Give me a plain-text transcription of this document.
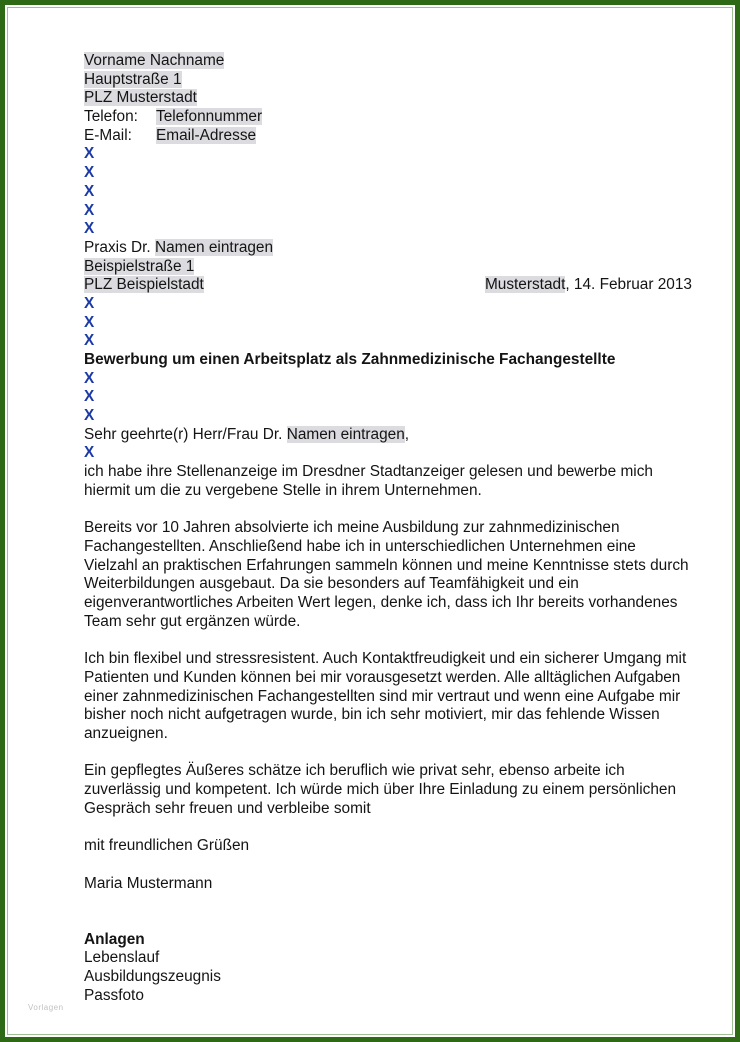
Vorname Nachname
Hauptstraße 1
PLZ Musterstadt
Telefon: Telefonnummer
E-Mail: Email-Adresse
X
X
X
X
X
Praxis Dr. Namen eintragen
Beispielstraße 1
PLZ Beispielstadt	Musterstadt, 14. Februar 2013
X
X
X
Bewerbung um einen Arbeitsplatz als Zahnmedizinische Fachangestellte
X
X
X
Sehr geehrte(r) Herr/Frau Dr. Namen eintragen,
X

ich habe ihre Stellenanzeige im Dresdner Stadtanzeiger gelesen und bewerbe mich hiermit um die zu vergebene Stelle in ihrem Unternehmen.

Bereits vor 10 Jahren absolvierte ich meine Ausbildung zur zahnmedizinischen Fachangestellten. Anschließend habe ich in unterschiedlichen Unternehmen eine Vielzahl an praktischen Erfahrungen sammeln können und meine Kenntnisse stets durch Weiterbildungen ausgebaut. Da sie besonders auf Teamfähigkeit und ein eigenverantwortliches Arbeiten Wert legen, denke ich, dass ich Ihr bereits vorhandenes Team sehr gut ergänzen würde.

Ich bin flexibel und stressresistent. Auch Kontaktfreudigkeit und ein sicherer Umgang mit Patienten und Kunden können bei mir vorausgesetzt werden. Alle alltäglichen Aufgaben einer zahnmedizinischen Fachangestellten sind mir vertraut und wenn eine Aufgabe mir bisher noch nicht aufgetragen wurde, bin ich sehr motiviert, mir das fehlende Wissen anzueignen.

Ein gepflegtes Äußeres schätze ich beruflich wie privat sehr, ebenso arbeite ich zuverlässig und kompetent. Ich würde mich über Ihre Einladung zu einem persönlichen Gespräch sehr freuen und verbleibe somit

mit freundlichen Grüßen

Maria Mustermann

Anlagen
Lebenslauf
Ausbildungszeugnis
Passfoto
Vorlagen
